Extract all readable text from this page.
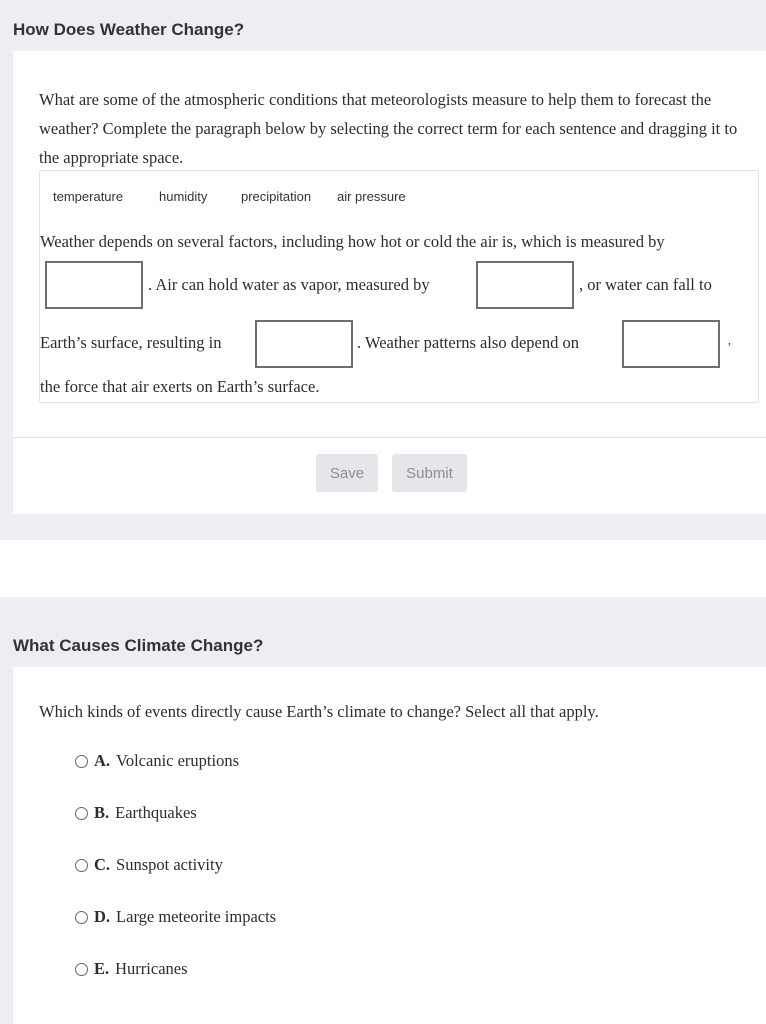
How Does Weather Change?
What are some of the atmospheric conditions that meteorologists measure to help them to forecast the weather? Complete the paragraph below by selecting the correct term for each sentence and dragging it to the appropriate space.
temperature	humidity	precipitation air pressure
Weather depends on several factors, including how hot or cold the air is, which is measured by
. Air can hold water as vapor, measured by	, or water can fall to
Earth’s surface, resulting in	. Weather patterns also depend on	,
the force that air exerts on Earth’s surface.
Save	Submit
What Causes Climate Change?
Which kinds of events directly cause Earth’s climate to change? Select all that apply.
A. Volcanic eruptions
B. Earthquakes
C. Sunspot activity
D. Large meteorite impacts
E. Hurricanes
